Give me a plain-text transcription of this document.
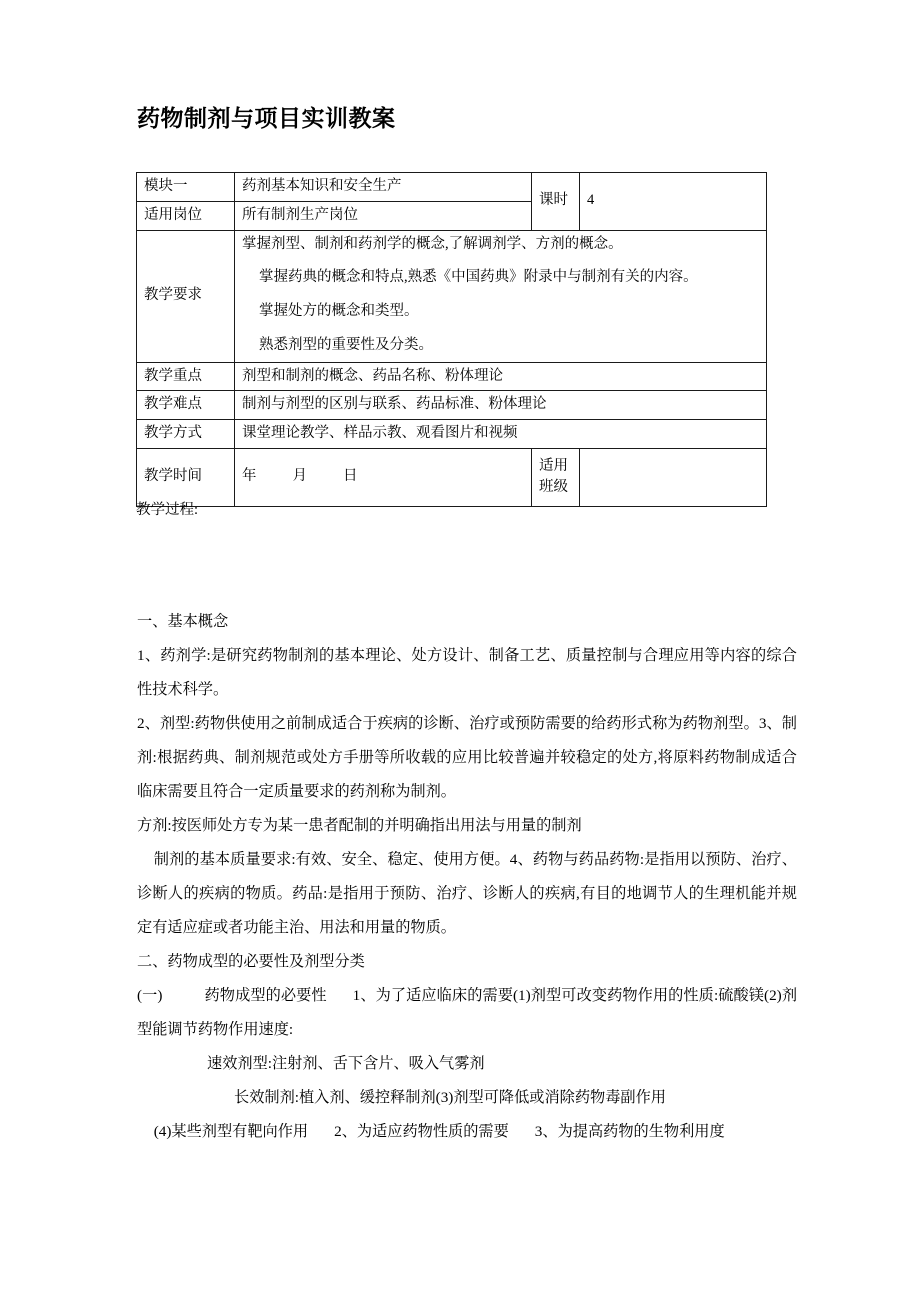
药物制剂与项目实训教案
模块一	药剂基本知识和安全生产	课时	4
适用岗位	所有制剂生产岗位		
教学要求	掌握剂型、制剂和药剂学的概念,了解调剂学、方剂的概念。

掌握药典的概念和特点,熟悉《中国药典》附录中与制剂有关的内容。

掌握处方的概念和类型。

熟悉剂型的重要性及分类。		

教学重点	剂型和制剂的概念、药品名称、粉体理论		
教学难点	制剂与剂型的区别与联系、药品标准、粉体理论		
教学方式	课堂理论教学、样品示教、观看图片和视频		
教学时间	年 月 日	适用班级	
教学过程:

一、基本概念

1、药剂学:是研究药物制剂的基本理论、处方设计、制备工艺、质量控制与合理应用等内容的综合性技术科学。

2、剂型:药物供使用之前制成适合于疾病的诊断、治疗或预防需要的给药形式称为药物剂型。3、制剂:根据药典、制剂规范或处方手册等所收载的应用比较普遍并较稳定的处方,将原料药物制成适合临床需要且符合一定质量要求的药剂称为制剂。

方剂:按医师处方专为某一患者配制的并明确指出用法与用量的制剂

制剂的基本质量要求:有效、安全、稳定、使用方便。4、药物与药品药物:是指用以预防、治疗、诊断人的疾病的物质。药品:是指用于预防、治疗、诊断人的疾病,有目的地调节人的生理机能并规定有适应症或者功能主治、用法和用量的物质。

二、药物成型的必要性及剂型分类

(一)	药物成型的必要性 1、为了适应临床的需要(1)剂型可改变药物作用的性质:硫酸镁(2)剂型能调节药物作用速度:

速效剂型:注射剂、舌下含片、吸入气雾剂

长效制剂:植入剂、缓控释制剂(3)剂型可降低或消除药物毒副作用

(4)某些剂型有靶向作用 2、为适应药物性质的需要 3、为提高药物的生物利用度
